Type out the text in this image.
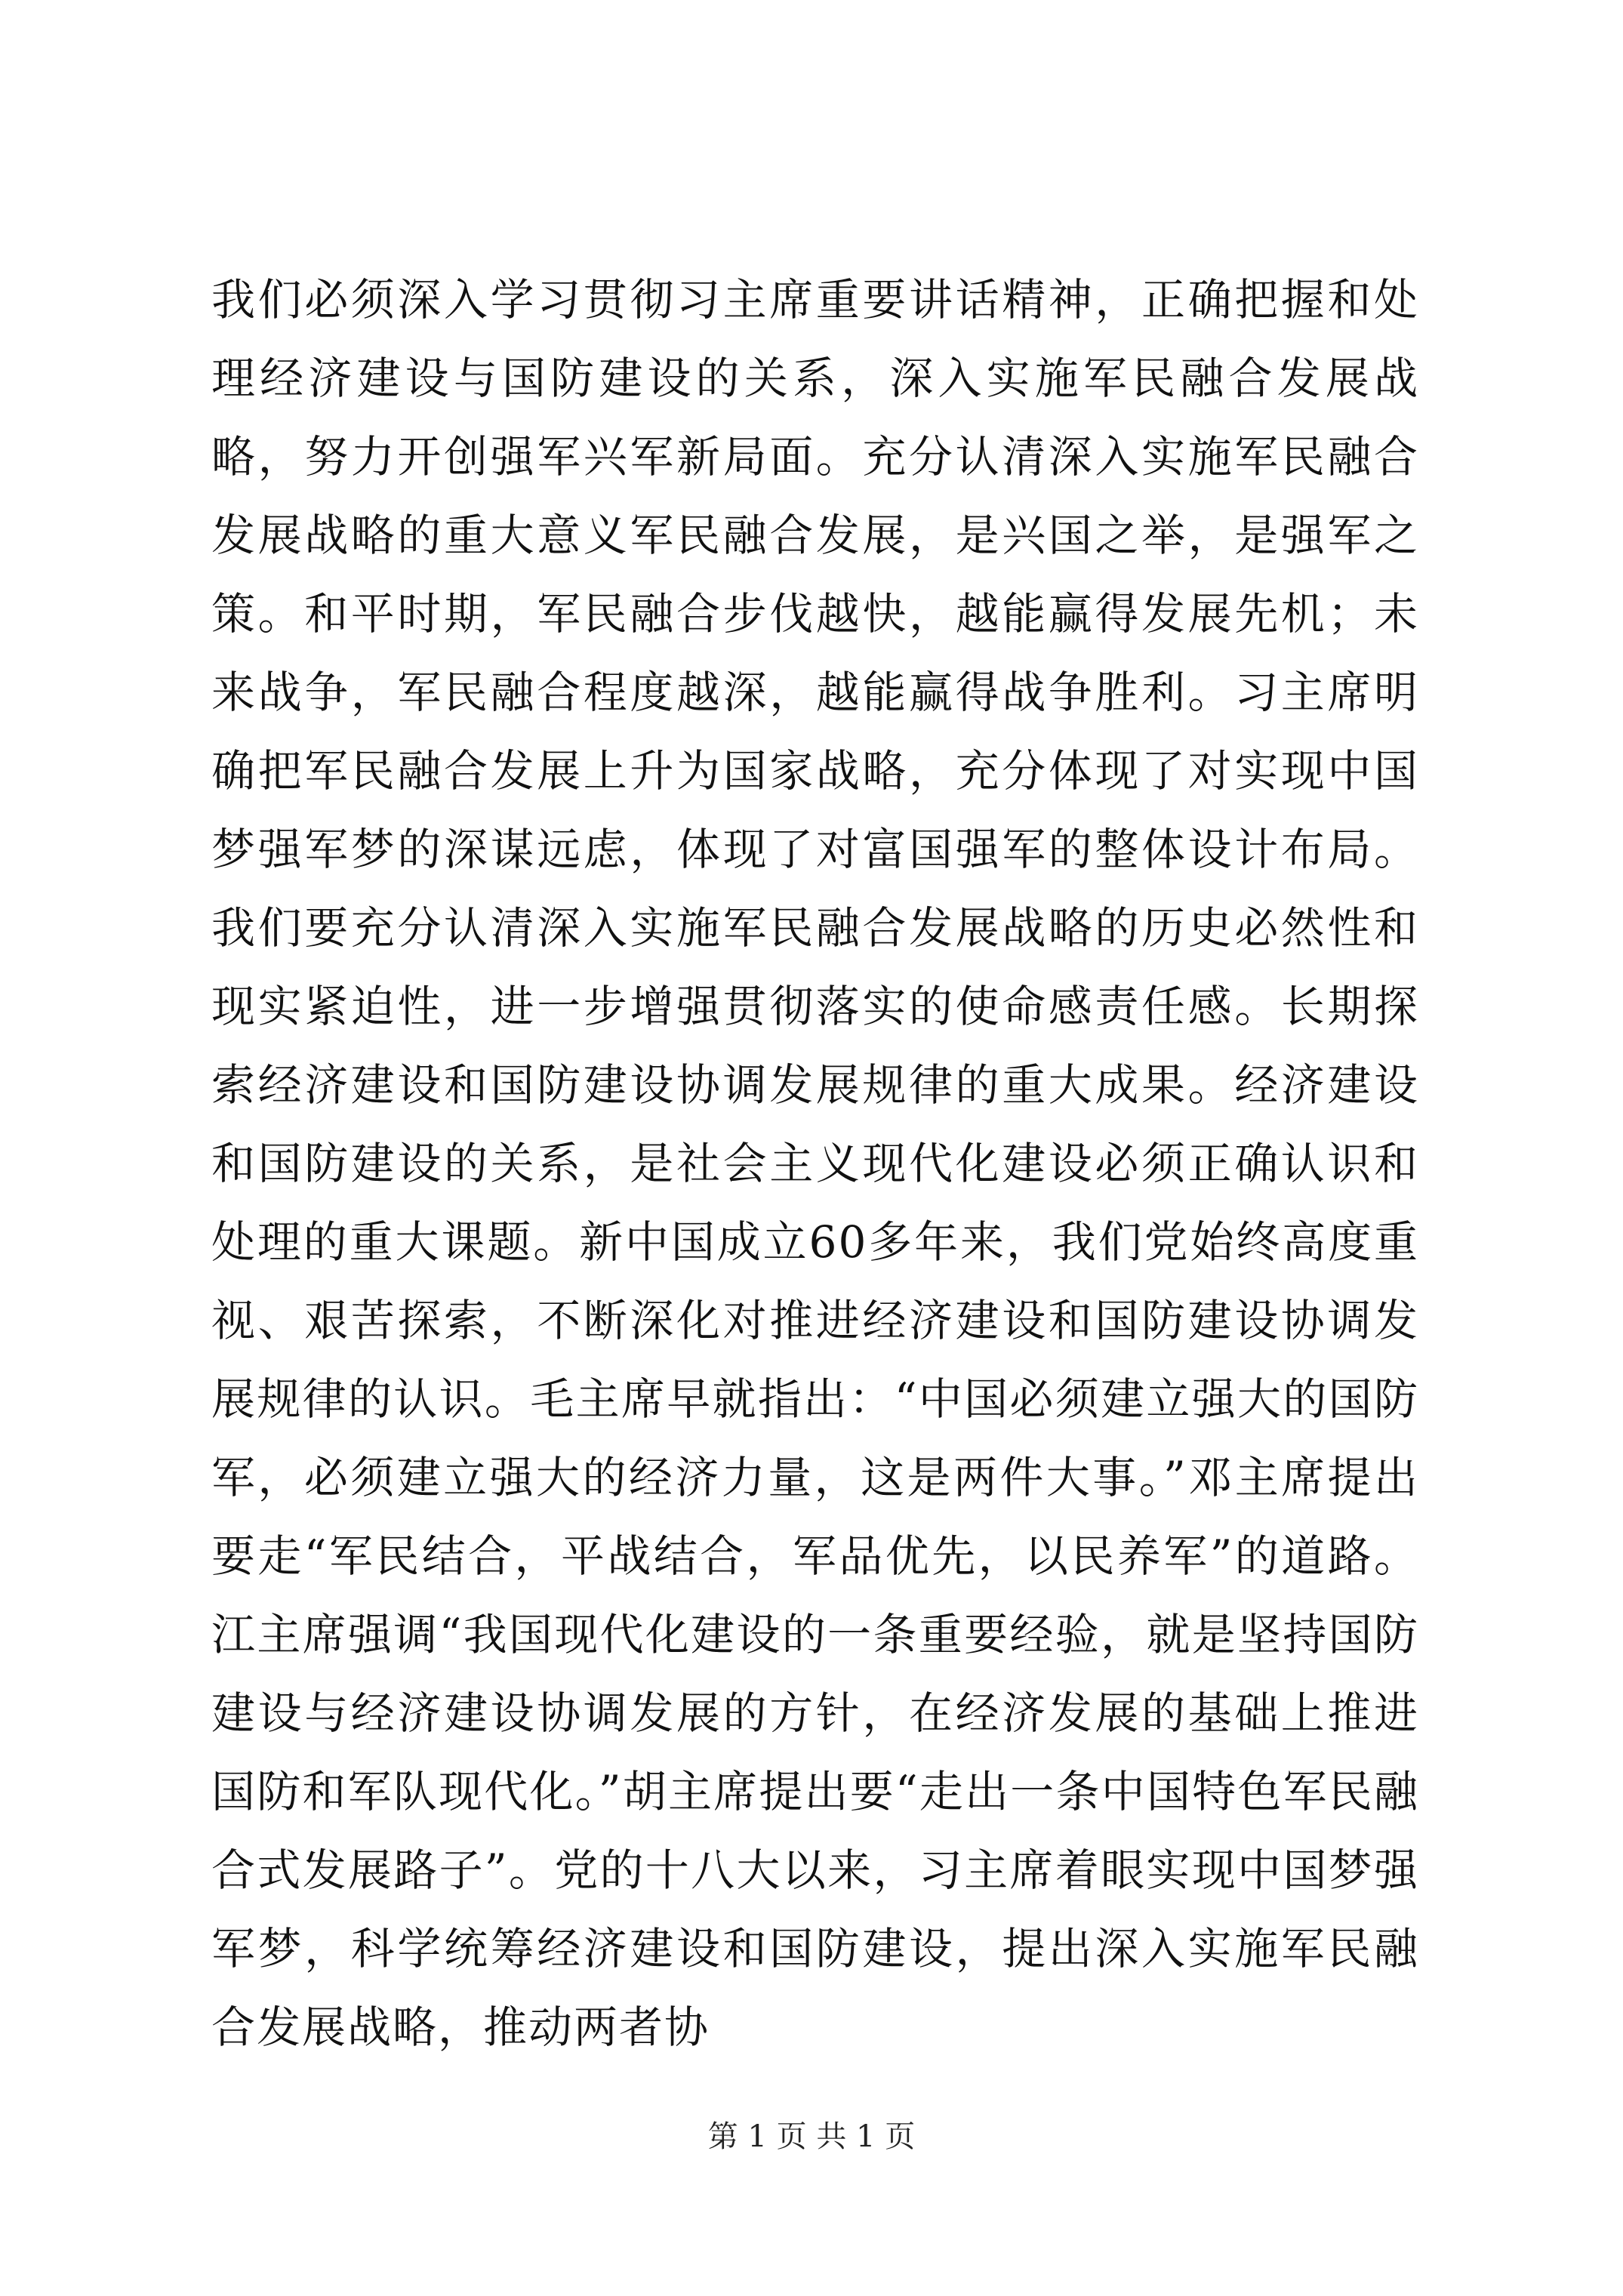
我们必须深入学习贯彻习主席重要讲话精神，正确把握和处理经济建设与国防建设的关系，深入实施军民融合发展战略，努力开创强军兴军新局面。充分认清深入实施军民融合发展战略的重大意义军民融合发展，是兴国之举，是强军之策。和平时期，军民融合步伐越快，越能赢得发展先机；未来战争，军民融合程度越深，越能赢得战争胜利。习主席明确把军民融合发展上升为国家战略，充分体现了对实现中国梦强军梦的深谋远虑，体现了对富国强军的整体设计布局。我们要充分认清深入实施军民融合发展战略的历史必然性和现实紧迫性，进一步增强贯彻落实的使命感责任感。长期探索经济建设和国防建设协调发展规律的重大成果。经济建设和国防建设的关系，是社会主义现代化建设必须正确认识和处理的重大课题。新中国成立60多年来，我们党始终高度重视、艰苦探索，不断深化对推进经济建设和国防建设协调发展规律的认识。毛主席早就指出：“中国必须建立强大的国防军，必须建立强大的经济力量，这是两件大事。”邓主席提出要走“军民结合，平战结合，军品优先，以民养军”的道路。江主席强调“我国现代化建设的一条重要经验，就是坚持国防建设与经济建设协调发展的方针，在经济发展的基础上推进国防和军队现代化。”胡主席提出要“走出一条中国特色军民融合式发展路子”。党的十八大以来，习主席着眼实现中国梦强军梦，科学统筹经济建设和国防建设，提出深入实施军民融合发展战略，推动两者协

第 1 页 共 1 页
